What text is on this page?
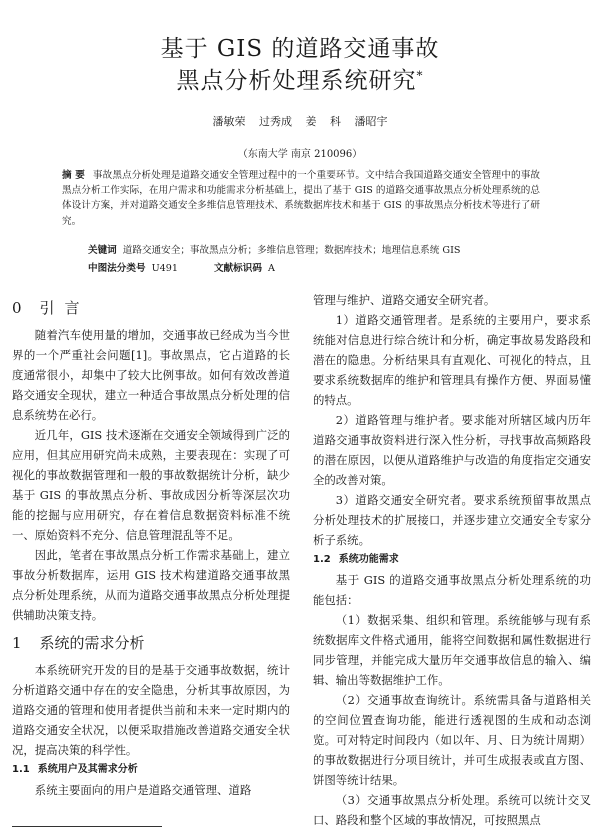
基于 GIS 的道路交通事故
黑点分析处理系统研究*
潘敏荣 过秀成 姜 科 潘昭宇
（东南大学 南京 210096）
摘 要 事故黑点分析处理是道路交通安全管理过程中的一个重要环节。文中结合我国道路交通安全管理中的事故黑点分析工作实际，在用户需求和功能需求分析基础上，提出了基于 GIS 的道路交通事故黑点分析处理系统的总体设计方案，并对道路交通安全多维信息管理技术、系统数据库技术和基于 GIS 的事故黑点分析技术等进行了研究。
关键词 道路交通安全；事故黑点分析；多维信息管理；数据库技术；地理信息系统 GIS
中图法分类号 U491	文献标识码 A

0 引言

随着汽车使用量的增加，交通事故已经成为当今世界的一个严重社会问题[1]。事故黑点，它占道路的长度通常很小，却集中了较大比例事故。如何有效改善道路交通安全现状，建立一种适合事故黑点分析处理的信息系统势在必行。

近几年，GIS 技术逐渐在交通安全领域得到广泛的应用，但其应用研究尚未成熟，主要表现在：实现了可视化的事故数据管理和一般的事故数据统计分析，缺少基于 GIS 的事故黑点分析、事故成因分析等深层次功能的挖掘与应用研究，存在着信息数据资料标准不统一、原始资料不充分、信息管理混乱等不足。

因此，笔者在事故黑点分析工作需求基础上，建立事故分析数据库，运用 GIS 技术构建道路交通事故黑点分析处理系统，从而为道路交通事故黑点分析处理提供辅助决策支持。

1 系统的需求分析

本系统研究开发的目的是基于交通事故数据，统计分析道路交通中存在的安全隐患，分析其事故原因，为道路交通的管理和使用者提供当前和未来一定时期内的道路交通安全状况，以便采取措施改善道路交通安全状况，提高决策的科学性。

1.1 系统用户及其需求分析

系统主要面向的用户是道路交通管理、道路

管理与维护、道路交通安全研究者。

1）道路交通管理者。是系统的主要用户，要求系统能对信息进行综合统计和分析，确定事故易发路段和潜在的隐患。分析结果具有直观化、可视化的特点，且要求系统数据库的维护和管理具有操作方便、界面易懂的特点。

2）道路管理与维护者。要求能对所辖区域内历年道路交通事故资料进行深入性分析，寻找事故高频路段的潜在原因，以便从道路维护与改造的角度指定交通安全的改善对策。

3）道路交通安全研究者。要求系统预留事故黑点分析处理技术的扩展接口，并逐步建立交通安全专家分析子系统。

1.2 系统功能需求

基于 GIS 的道路交通事故黑点分析处理系统的功能包括：

（1）数据采集、组织和管理。系统能够与现有系统数据库文件格式通用，能将空间数据和属性数据进行同步管理，并能完成大量历年交通事故信息的输入、编辑、输出等数据维护工作。

（2）交通事故查询统计。系统需具备与道路相关的空间位置查询功能，能进行透视图的生成和动态浏览。可对特定时间段内（如以年、月、日为统计周期）的事故数据进行分项目统计，并可生成报表或直方图、饼图等统计结果。

（3）交通事故黑点分析处理。系统可以统计交叉口、路段和整个区域的事故情况，可按照黑点
